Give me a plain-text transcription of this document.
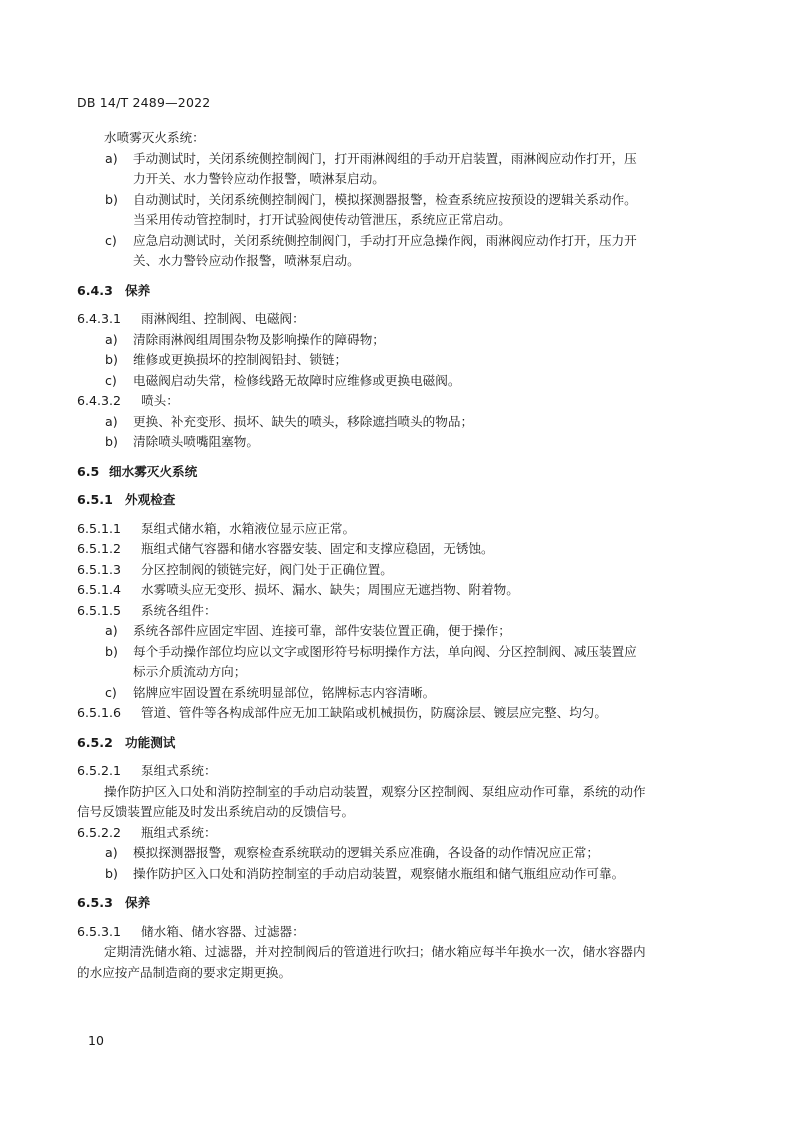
DB 14/T 2489—2022
水喷雾灭火系统：
a) 手动测试时，关闭系统侧控制阀门，打开雨淋阀组的手动开启装置，雨淋阀应动作打开，压
力开关、水力警铃应动作报警，喷淋泵启动。
b) 自动测试时，关闭系统侧控制阀门，模拟探测器报警，检查系统应按预设的逻辑关系动作。
当采用传动管控制时，打开试验阀使传动管泄压，系统应正常启动。
c) 应急启动测试时，关闭系统侧控制阀门，手动打开应急操作阀，雨淋阀应动作打开，压力开
关、水力警铃应动作报警，喷淋泵启动。
6.4.3 保养
6.4.3.1 雨淋阀组、控制阀、电磁阀：
a) 清除雨淋阀组周围杂物及影响操作的障碍物；
b) 维修或更换损坏的控制阀铅封、锁链；
c) 电磁阀启动失常，检修线路无故障时应维修或更换电磁阀。
6.4.3.2 喷头：
a) 更换、补充变形、损坏、缺失的喷头，移除遮挡喷头的物品；
b) 清除喷头喷嘴阻塞物。
6.5 细水雾灭火系统
6.5.1 外观检查
6.5.1.1 泵组式储水箱，水箱液位显示应正常。
6.5.1.2 瓶组式储气容器和储水容器安装、固定和支撑应稳固，无锈蚀。
6.5.1.3 分区控制阀的锁链完好，阀门处于正确位置。
6.5.1.4 水雾喷头应无变形、损坏、漏水、缺失；周围应无遮挡物、附着物。
6.5.1.5 系统各组件：
a) 系统各部件应固定牢固、连接可靠，部件安装位置正确，便于操作；
b) 每个手动操作部位均应以文字或图形符号标明操作方法，单向阀、分区控制阀、减压装置应
标示介质流动方向；
c) 铭牌应牢固设置在系统明显部位，铭牌标志内容清晰。
6.5.1.6 管道、管件等各构成部件应无加工缺陷或机械损伤，防腐涂层、镀层应完整、均匀。
6.5.2 功能测试
6.5.2.1 泵组式系统：
操作防护区入口处和消防控制室的手动启动装置，观察分区控制阀、泵组应动作可靠，系统的动作
信号反馈装置应能及时发出系统启动的反馈信号。
6.5.2.2 瓶组式系统：
a) 模拟探测器报警，观察检查系统联动的逻辑关系应准确，各设备的动作情况应正常；
b) 操作防护区入口处和消防控制室的手动启动装置，观察储水瓶组和储气瓶组应动作可靠。
6.5.3 保养
6.5.3.1 储水箱、储水容器、过滤器：
定期清洗储水箱、过滤器，并对控制阀后的管道进行吹扫；储水箱应每半年换水一次，储水容器内
的水应按产品制造商的要求定期更换。
10
